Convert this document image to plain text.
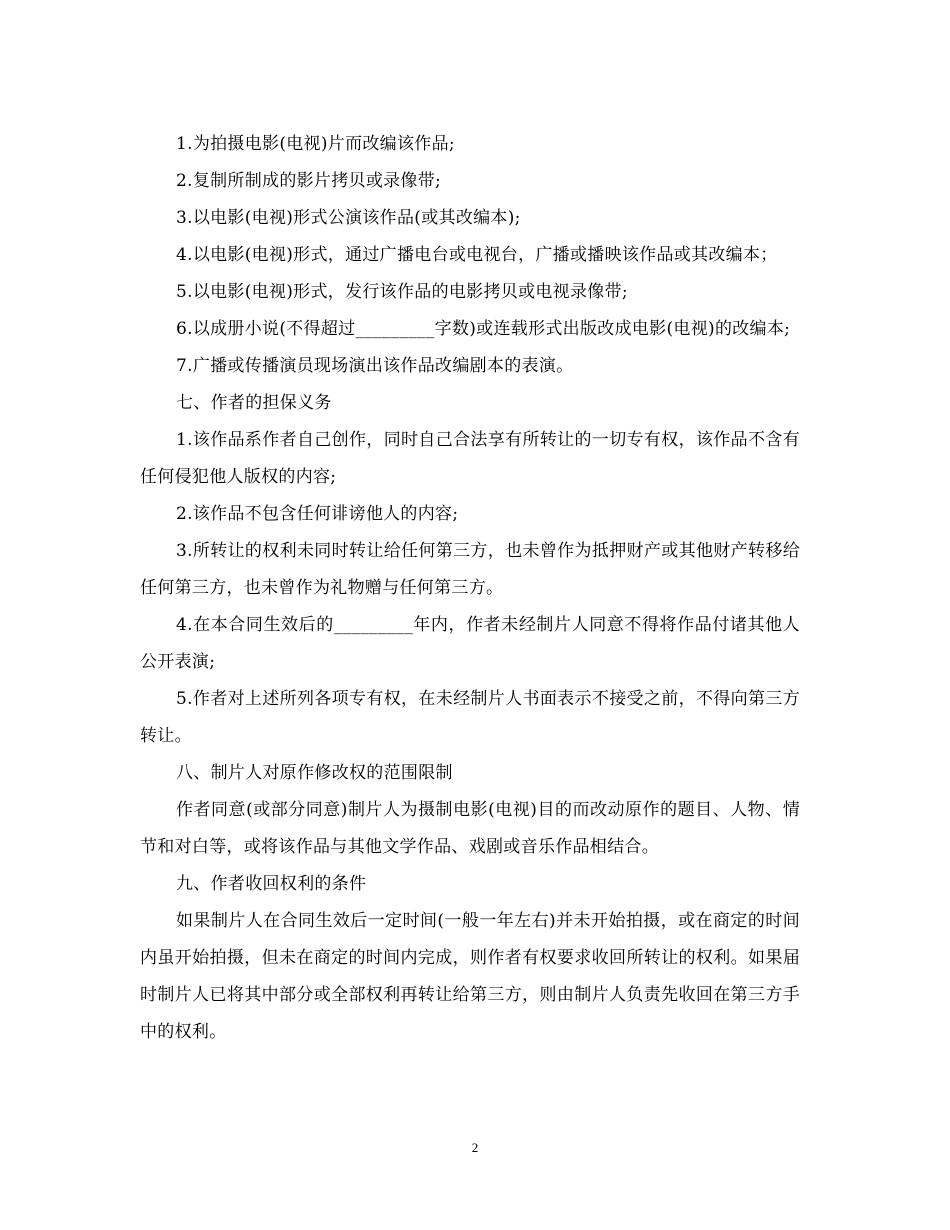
1.为拍摄电影(电视)片而改编该作品;

2.复制所制成的影片拷贝或录像带;

3.以电影(电视)形式公演该作品(或其改编本);

4.以电影(电视)形式，通过广播电台或电视台，广播或播映该作品或其改编本；

5.以电影(电视)形式，发行该作品的电影拷贝或电视录像带;

6.以成册小说(不得超过_________字数)或连载形式出版改成电影(电视)的改编本;

7.广播或传播演员现场演出该作品改编剧本的表演。

七、作者的担保义务

1.该作品系作者自己创作，同时自己合法享有所转让的一切专有权，该作品不含有任何侵犯他人版权的内容;

2.该作品不包含任何诽谤他人的内容;

3.所转让的权利未同时转让给任何第三方，也未曾作为抵押财产或其他财产转移给任何第三方，也未曾作为礼物赠与任何第三方。

4.在本合同生效后的_________年内，作者未经制片人同意不得将作品付诸其他人公开表演;

5.作者对上述所列各项专有权，在未经制片人书面表示不接受之前，不得向第三方转让。

八、制片人对原作修改权的范围限制

作者同意(或部分同意)制片人为摄制电影(电视)目的而改动原作的题目、人物、情节和对白等，或将该作品与其他文学作品、戏剧或音乐作品相结合。

九、作者收回权利的条件

如果制片人在合同生效后一定时间(一般一年左右)并未开始拍摄，或在商定的时间内虽开始拍摄，但未在商定的时间内完成，则作者有权要求收回所转让的权利。如果届时制片人已将其中部分或全部权利再转让给第三方，则由制片人负责先收回在第三方手中的权利。

2
